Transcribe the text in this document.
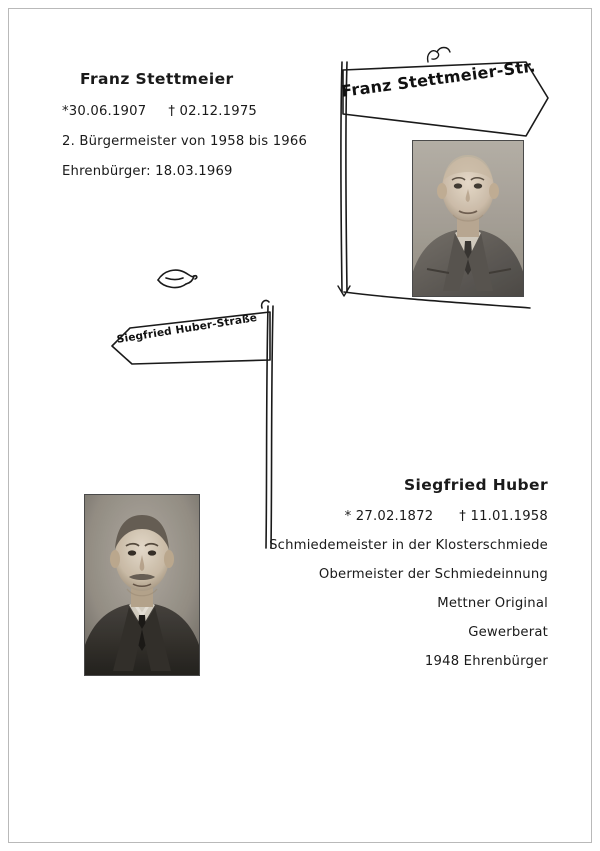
Franz Stettmeier
*30.06.1907 † 02.12.1975
2. Bürgermeister von 1958 bis 1966
Ehrenbürger: 18.03.1969
Siegfried Huber
* 27.02.1872 † 11.01.1958
Schmiedemeister in der Klosterschmiede
Obermeister der Schmiedeinnung
Mettner Original
Gewerberat
1948 Ehrenbürger
Franz Stettmeier-Str.
Siegfried Huber-Straße
